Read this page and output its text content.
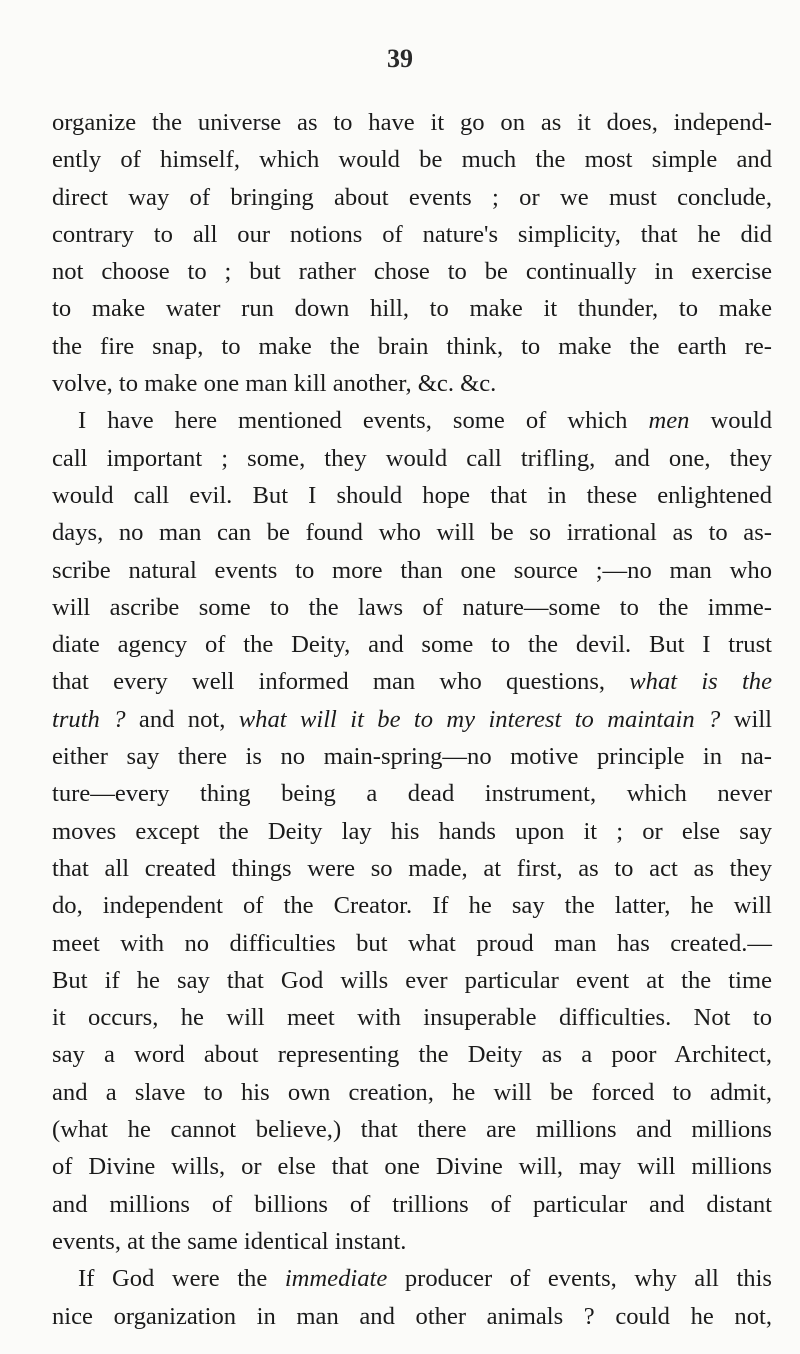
39
organize the universe as to have it go on as it does, independ-
ently of himself, which would be much the most simple and
direct way of bringing about events ; or we must conclude,
contrary to all our notions of nature's simplicity, that he did
not choose to ; but rather chose to be continually in exercise
to make water run down hill, to make it thunder, to make
the fire snap, to make the brain think, to make the earth re-
volve, to make one man kill another, &c. &c.
I have here mentioned events, some of which men would
call important ; some, they would call trifling, and one, they
would call evil. But I should hope that in these enlightened
days, no man can be found who will be so irrational as to as-
scribe natural events to more than one source ;—no man who
will ascribe some to the laws of nature—some to the imme-
diate agency of the Deity, and some to the devil. But I trust
that every well informed man who questions, what is the
truth ? and not, what will it be to my interest to maintain ? will
either say there is no main-spring—no motive principle in na-
ture—every thing being a dead instrument, which never
moves except the Deity lay his hands upon it ; or else say
that all created things were so made, at first, as to act as they
do, independent of the Creator. If he say the latter, he will
meet with no difficulties but what proud man has created.—
But if he say that God wills ever particular event at the time
it occurs, he will meet with insuperable difficulties. Not to
say a word about representing the Deity as a poor Architect,
and a slave to his own creation, he will be forced to admit,
(what he cannot believe,) that there are millions and millions
of Divine wills, or else that one Divine will, may will millions
and millions of billions of trillions of particular and distant
events, at the same identical instant.
If God were the immediate producer of events, why all this
nice organization in man and other animals ? could he not,
